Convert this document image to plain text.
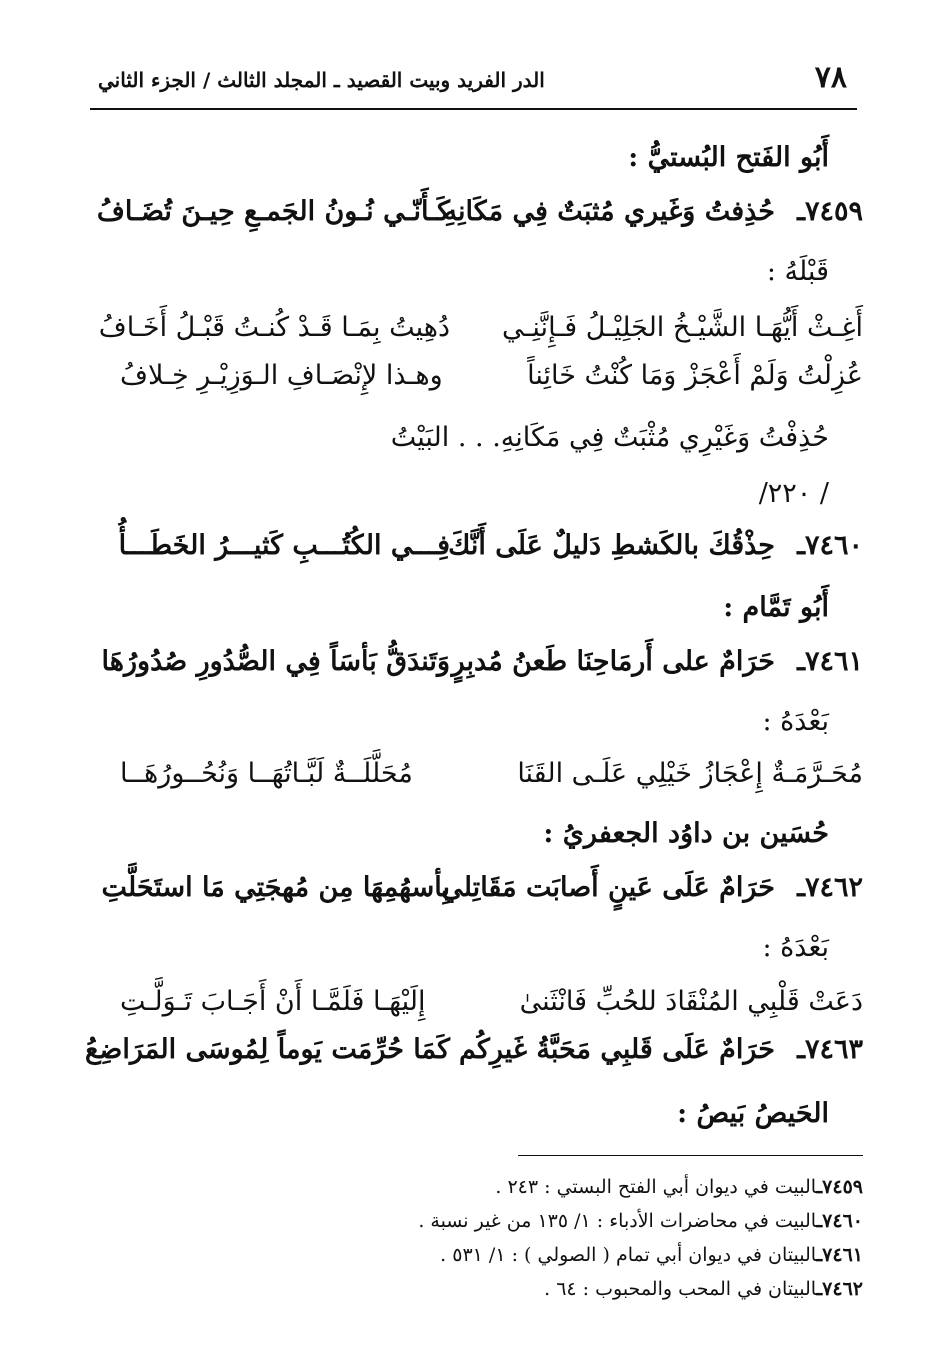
٧٨
الدر الفريد وبيت القصيد ـ المجلد الثالث / الجزء الثاني
أَبُو الفَتح البُستيُّ :
٧٤٥٩ـ
حُذِفتُ وَغَيري مُثبَتٌ فِي مَكَانِهِ
كَـأَنّـي نُـونُ الجَمـعِ حِيـنَ تُضَـافُ
قَبْلَهُ :
أَغِـثْ أَيُّهَـا الشَّيْـخُ الجَلِيْـلُ فَـإِنَّنِـي
دُهِيتُ بِمَـا قَـدْ كُنـتُ قَبْـلُ أَخَـافُ
عُزِلْتُ وَلَمْ أَعْجَزْ وَمَا كُنْتُ خَائِناً
وهـذا لإِنْصَـافِ الـوَزِيْـرِ خِـلافُ
حُذِفْتُ وَغَيْرِي مُثْبَتٌ فِي مَكَانِهِ. . . البَيْتُ
/ ٢٢٠/
٧٤٦٠ـ
حِذْقُكَ بالكَشطِ دَليلٌ عَلَى أَنَّكَ
فِـــي الكُتُـــبِ كَثيـــرُ الخَطَـــأُ
أَبُو تَمَّام :
٧٤٦١ـ
حَرَامٌ على أَرمَاحِنَا طَعنُ مُدبِرٍ
وَتَندَقُّ بَأسَاً فِي الصُّدُورِ صُدُورُهَا
بَعْدَهُ :
مُحَـرَّمَـةٌ إِعْجَازُ خَيْلِي عَلَـى القَنَا
مُحَلَّلَــةٌ لَبَّـاتُهَــا وَنُحُــورُهَــا
حُسَين بن داوُد الجعفريُ :
٧٤٦٢ـ
حَرَامٌ عَلَى عَينٍ أَصابَت مَقَاتِلي
بِأسهُمِهَا مِن مُهجَتِي مَا استَحَلَّتِ
بَعْدَهُ :
دَعَتْ قَلْبِي المُنْقَادَ للحُبِّ فَانْثَنىٰ
إِلَيْهَـا فَلَمَّـا أَنْ أَجَـابَ تَـوَلَّـتِ
٧٤٦٣ـ
حَرَامٌ عَلَى قَلبِي مَحَبَّةُ غَيرِكُم
كَمَا حُرِّمَت يَوماً لِمُوسَى المَرَاضِعُ
الحَيصُ بَيصُ :
٧٤٥٩ـالبيت في ديوان أبي الفتح البستي : ٢٤٣ .
٧٤٦٠ـالبيت في محاضرات الأدباء : ١/ ١٣٥ من غير نسبة .
٧٤٦١ـالبيتان في ديوان أبي تمام ( الصولي ) : ١/ ٥٣١ .
٧٤٦٢ـالبيتان في المحب والمحبوب : ٦٤ .
